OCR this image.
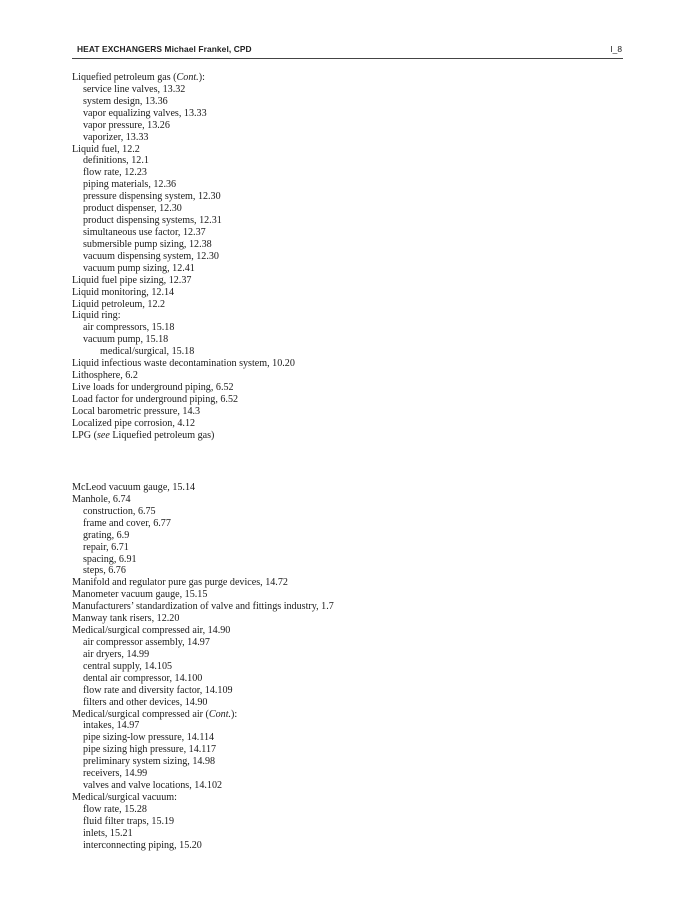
HEAT EXCHANGERS Michael Frankel, CPD	I_8
Liquefied petroleum gas (Cont.):
service line valves, 13.32
system design, 13.36
vapor equalizing valves, 13.33
vapor pressure, 13.26
vaporizer, 13.33
Liquid fuel, 12.2
definitions, 12.1
flow rate, 12.23
piping materials, 12.36
pressure dispensing system, 12.30
product dispenser, 12.30
product dispensing systems, 12.31
simultaneous use factor, 12.37
submersible pump sizing, 12.38
vacuum dispensing system, 12.30
vacuum pump sizing, 12.41
Liquid fuel pipe sizing, 12.37
Liquid monitoring, 12.14
Liquid petroleum, 12.2
Liquid ring:
air compressors, 15.18
vacuum pump, 15.18
medical/surgical, 15.18
Liquid infectious waste decontamination system, 10.20
Lithosphere, 6.2
Live loads for underground piping, 6.52
Load factor for underground piping, 6.52
Local barometric pressure, 14.3
Localized pipe corrosion, 4.12
LPG (see Liquefied petroleum gas)
McLeod vacuum gauge, 15.14
Manhole, 6.74
construction, 6.75
frame and cover, 6.77
grating, 6.9
repair, 6.71
spacing, 6.91
steps, 6.76
Manifold and regulator pure gas purge devices, 14.72
Manometer vacuum gauge, 15.15
Manufacturers’ standardization of valve and fittings industry, 1.7
Manway tank risers, 12.20
Medical/surgical compressed air, 14.90
air compressor assembly, 14.97
air dryers, 14.99
central supply, 14.105
dental air compressor, 14.100
flow rate and diversity factor, 14.109
filters and other devices, 14.90
Medical/surgical compressed air (Cont.):
intakes, 14.97
pipe sizing-low pressure, 14.114
pipe sizing high pressure, 14.117
preliminary system sizing, 14.98
receivers, 14.99
valves and valve locations, 14.102
Medical/surgical vacuum:
flow rate, 15.28
fluid filter traps, 15.19
inlets, 15.21
interconnecting piping, 15.20
